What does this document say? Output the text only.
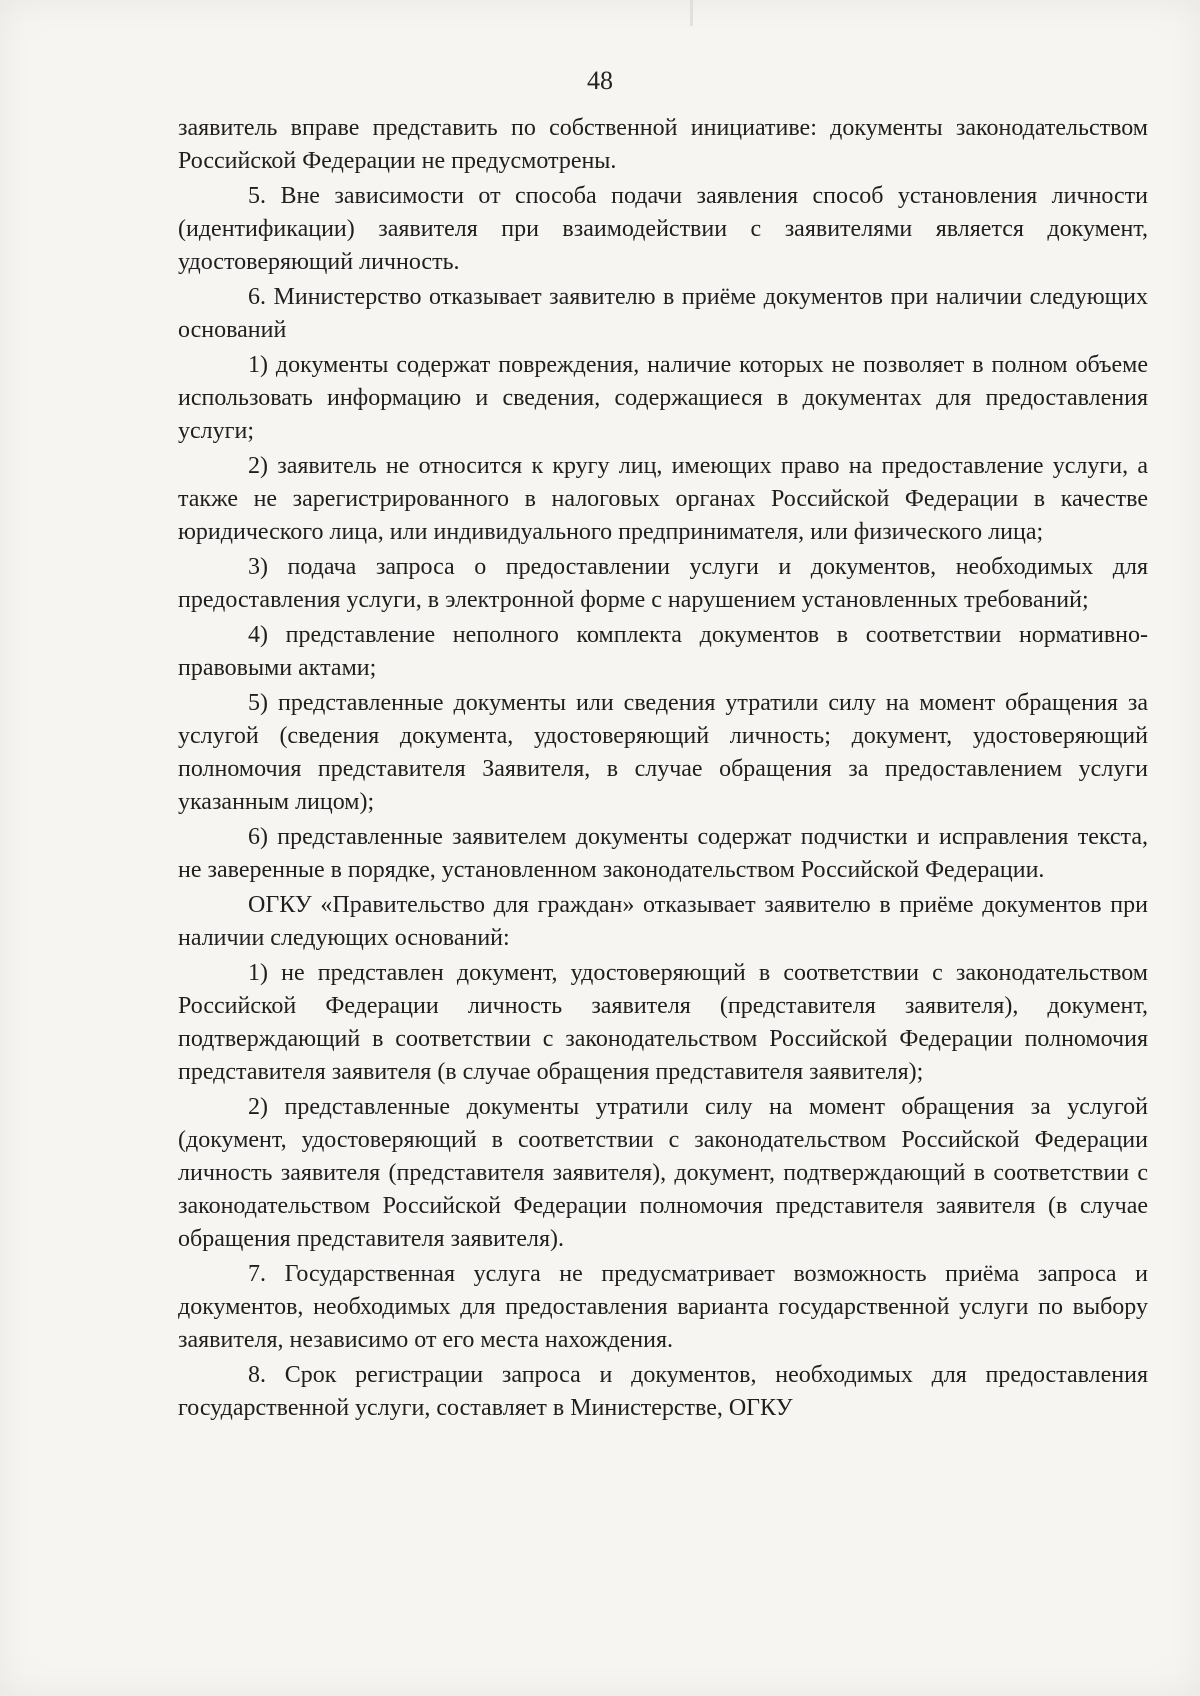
48

заявитель вправе представить по собственной инициативе: документы законодательством Российской Федерации не предусмотрены.

5. Вне зависимости от способа подачи заявления способ установления личности (идентификации) заявителя при взаимодействии с заявителями является документ, удостоверяющий личность.

6. Министерство отказывает заявителю в приёме документов при наличии следующих оснований

1) документы содержат повреждения, наличие которых не позволяет в полном объеме использовать информацию и сведения, содержащиеся в документах для предоставления услуги;

2) заявитель не относится к кругу лиц, имеющих право на предоставление услуги, а также не зарегистрированного в налоговых органах Российской Федерации в качестве юридического лица, или индивидуального предпринимателя, или физического лица;

3) подача запроса о предоставлении услуги и документов, необходимых для предоставления услуги, в электронной форме с нарушением установленных требований;

4) представление неполного комплекта документов в соответствии нормативно-правовыми актами;

5) представленные документы или сведения утратили силу на момент обращения за услугой (сведения документа, удостоверяющий личность; документ, удостоверяющий полномочия представителя Заявителя, в случае обращения за предоставлением услуги указанным лицом);

6) представленные заявителем документы содержат подчистки и исправления текста, не заверенные в порядке, установленном законодательством Российской Федерации.

ОГКУ «Правительство для граждан» отказывает заявителю в приёме документов при наличии следующих оснований:

1) не представлен документ, удостоверяющий в соответствии с законодательством Российской Федерации личность заявителя (представителя заявителя), документ, подтверждающий в соответствии с законодательством Российской Федерации полномочия представителя заявителя (в случае обращения представителя заявителя);

2) представленные документы утратили силу на момент обращения за услугой (документ, удостоверяющий в соответствии с законодательством Российской Федерации личность заявителя (представителя заявителя), документ, подтверждающий в соответствии с законодательством Российской Федерации полномочия представителя заявителя (в случае обращения представителя заявителя).

7. Государственная услуга не предусматривает возможность приёма запроса и документов, необходимых для предоставления варианта государственной услуги по выбору заявителя, независимо от его места нахождения.

8. Срок регистрации запроса и документов, необходимых для предоставления государственной услуги, составляет в Министерстве, ОГКУ
